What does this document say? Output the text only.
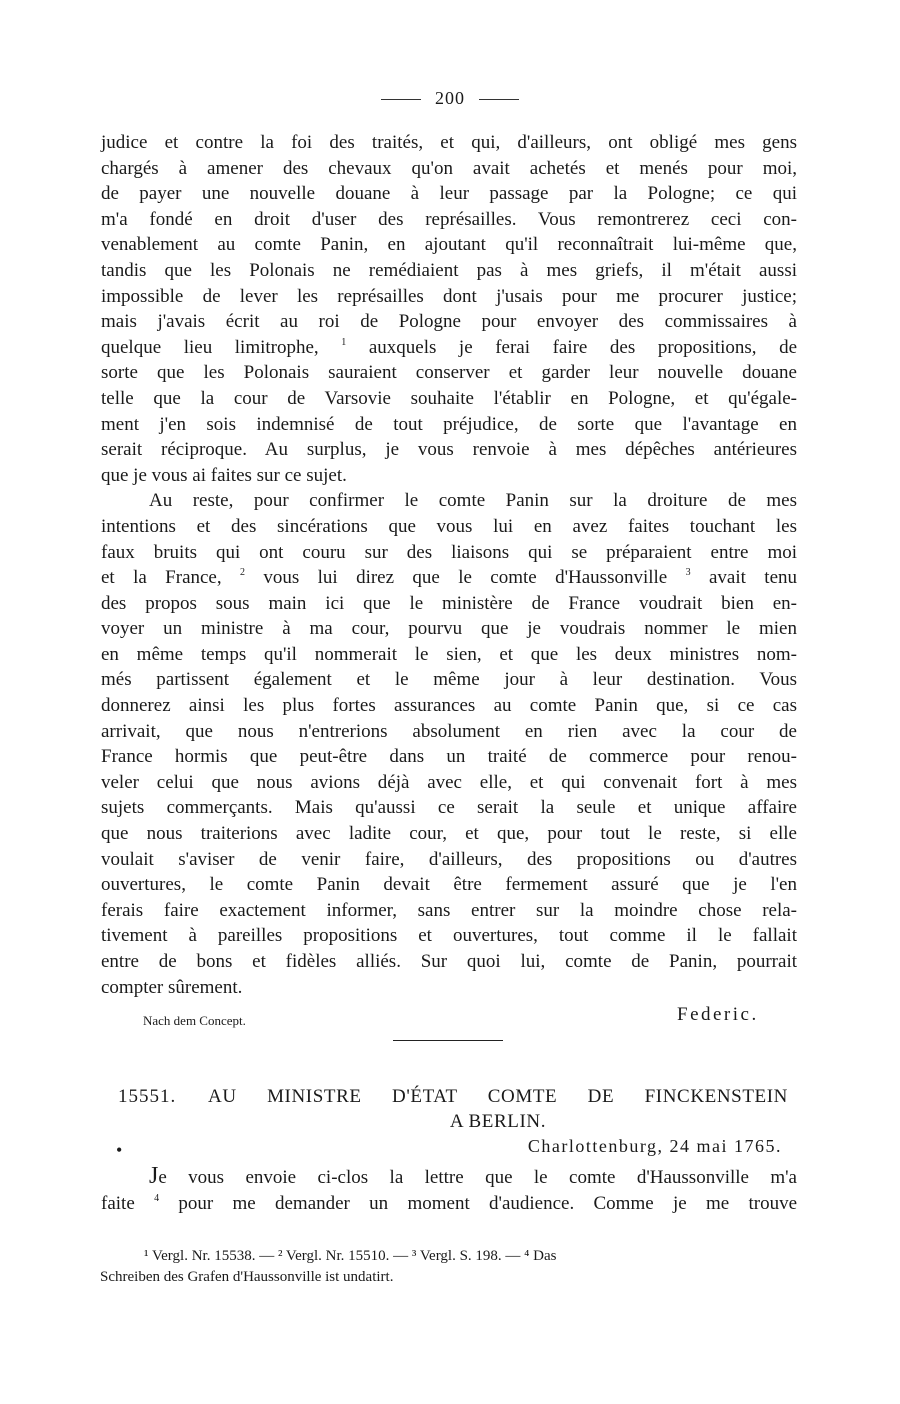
200
judice et contre la foi des traités, et qui, d'ailleurs, ont obligé mes gens
chargés à amener des chevaux qu'on avait achetés et menés pour moi,
de payer une nouvelle douane à leur passage par la Pologne; ce qui
m'a fondé en droit d'user des représailles. Vous remontrerez ceci con-
venablement au comte Panin, en ajoutant qu'il reconnaîtrait lui-même que,
tandis que les Polonais ne remédiaient pas à mes griefs, il m'était aussi
impossible de lever les représailles dont j'usais pour me procurer justice;
mais j'avais écrit au roi de Pologne pour envoyer des commissaires à
quelque lieu limitrophe, $^1$ auxquels je ferai faire des propositions, de
sorte que les Polonais sauraient conserver et garder leur nouvelle douane
telle que la cour de Varsovie souhaite l'établir en Pologne, et qu'égale-
ment j'en sois indemnisé de tout préjudice, de sorte que l'avantage en
serait réciproque. Au surplus, je vous renvoie à mes dépêches antérieures
que je vous ai faites sur ce sujet.
Au reste, pour confirmer le comte Panin sur la droiture de mes
intentions et des sincérations que vous lui en avez faites touchant les
faux bruits qui ont couru sur des liaisons qui se préparaient entre moi
et la France, $^2$ vous lui direz que le comte d'Haussonville $^3$ avait tenu
des propos sous main ici que le ministère de France voudrait bien en-
voyer un ministre à ma cour, pourvu que je voudrais nommer le mien
en même temps qu'il nommerait le sien, et que les deux ministres nom-
més partissent également et le même jour à leur destination. Vous
donnerez ainsi les plus fortes assurances au comte Panin que, si ce cas
arrivait, que nous n'entrerions absolument en rien avec la cour de
France hormis que peut-être dans un traité de commerce pour renou-
veler celui que nous avions déjà avec elle, et qui convenait fort à mes
sujets commerçants. Mais qu'aussi ce serait la seule et unique affaire
que nous traiterions avec ladite cour, et que, pour tout le reste, si elle
voulait s'aviser de venir faire, d'ailleurs, des propositions ou d'autres
ouvertures, le comte Panin devait être fermement assuré que je l'en
ferais faire exactement informer, sans entrer sur la moindre chose rela-
tivement à pareilles propositions et ouvertures, tout comme il le fallait
entre de bons et fidèles alliés. Sur quoi lui, comte de Panin, pourrait
compter sûrement.
Nach dem Concept.	Federic.
15551. AU MINISTRE D'ÉTAT COMTE DE FINCKENSTEIN
A BERLIN.
•	Charlottenburg, 24 mai 1765.
Je vous envoie ci-clos la lettre que le comte d'Haussonville m'a
faite $^4$ pour me demander un moment d'audience. Comme je me trouve
¹ Vergl. Nr. 15538. — ² Vergl. Nr. 15510. — ³ Vergl. S. 198. — ⁴ Das
Schreiben des Grafen d'Haussonville ist undatirt.
